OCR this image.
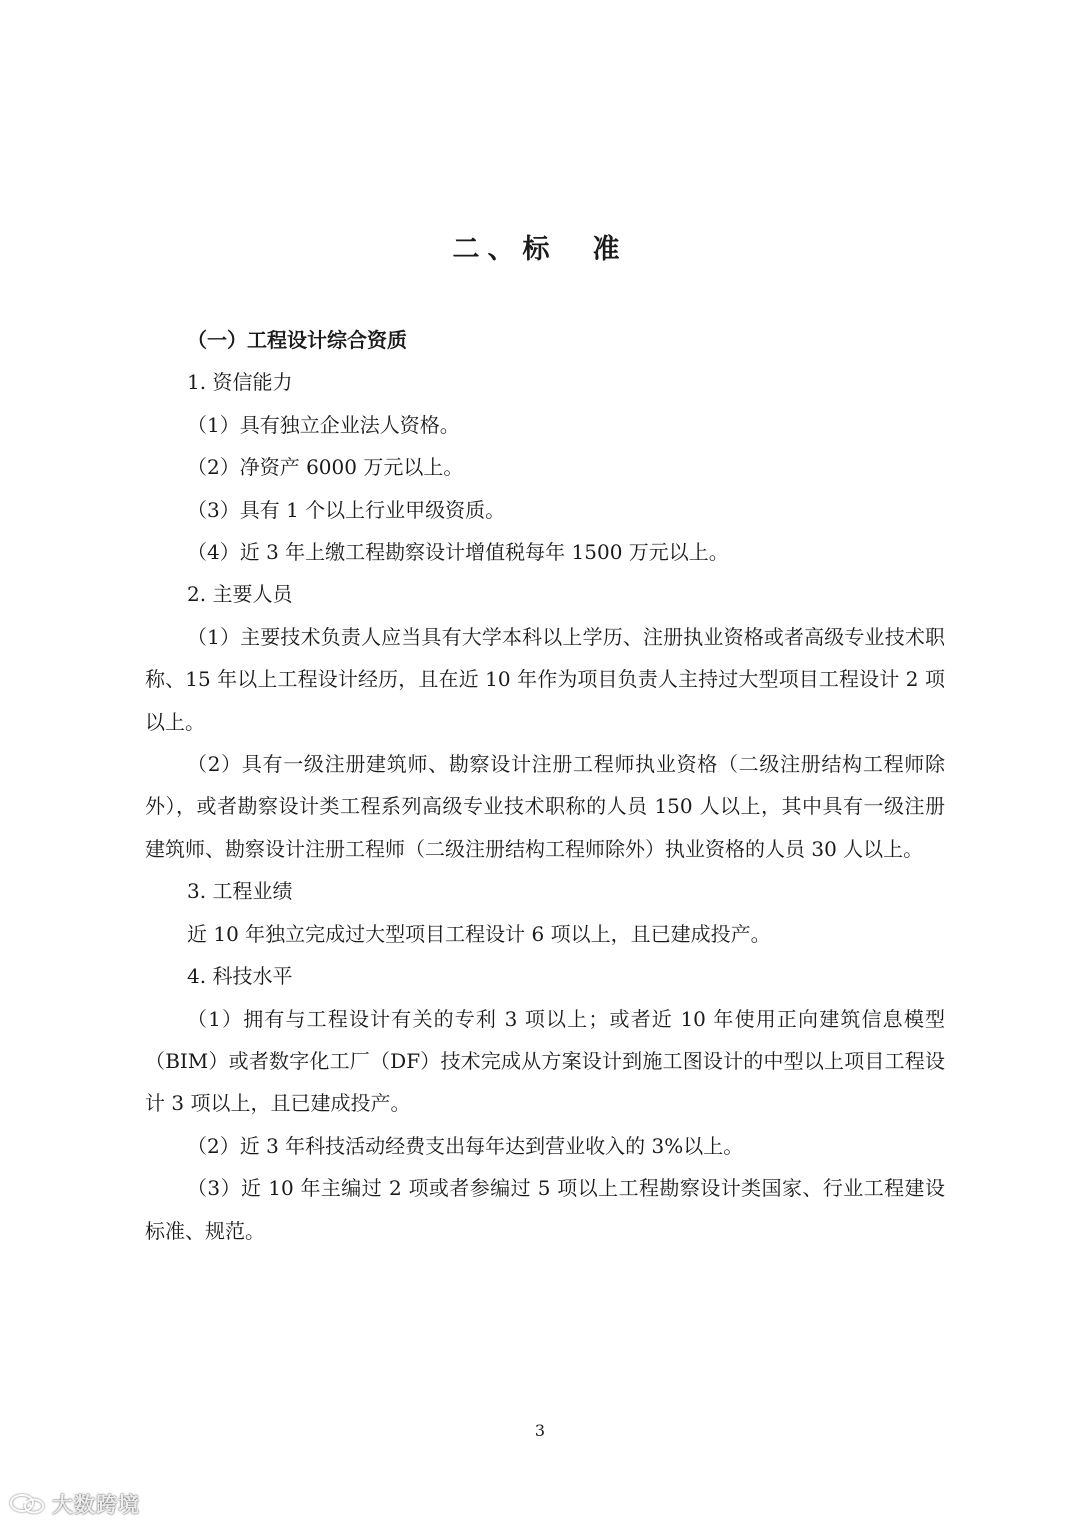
二、标　准

（一）工程设计综合资质

1. 资信能力

（1）具有独立企业法人资格。

（2）净资产 6000 万元以上。

（3）具有 1 个以上行业甲级资质。

（4）近 3 年上缴工程勘察设计增值税每年 1500 万元以上。

2. 主要人员

（1）主要技术负责人应当具有大学本科以上学历、注册执业资格或者高级专业技术职称、15 年以上工程设计经历，且在近 10 年作为项目负责人主持过大型项目工程设计 2 项以上。

（2）具有一级注册建筑师、勘察设计注册工程师执业资格（二级注册结构工程师除外），或者勘察设计类工程系列高级专业技术职称的人员 150 人以上，其中具有一级注册建筑师、勘察设计注册工程师（二级注册结构工程师除外）执业资格的人员 30 人以上。

3. 工程业绩

近 10 年独立完成过大型项目工程设计 6 项以上，且已建成投产。

4. 科技水平

（1）拥有与工程设计有关的专利 3 项以上；或者近 10 年使用正向建筑信息模型（BIM）或者数字化工厂（DF）技术完成从方案设计到施工图设计的中型以上项目工程设计 3 项以上，且已建成投产。

（2）近 3 年科技活动经费支出每年达到营业收入的 3%以上。

（3）近 10 年主编过 2 项或者参编过 5 项以上工程勘察设计类国家、行业工程建设标准、规范。

3
大数跨境
